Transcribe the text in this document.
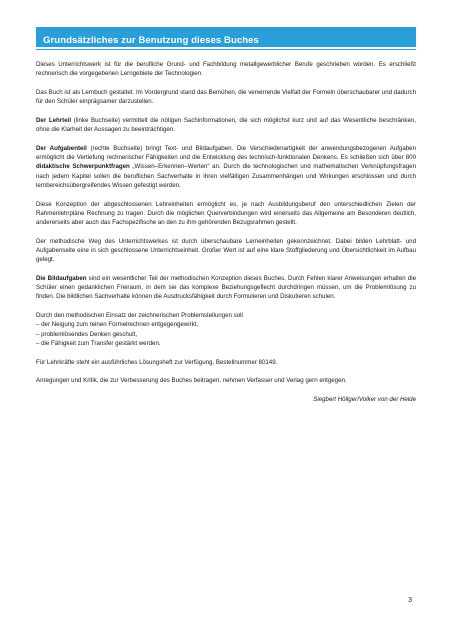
Grundsätzliches zur Benutzung dieses Buches

Dieses Unterrichtswerk ist für die berufliche Grund- und Fachbildung metallgewerblicher Berufe geschrieben worden. Es erschließt rechnerisch die vorgegebenen Lerngebiete der Technologien.

Das Buch ist als Lernbuch gestaltet. Im Vordergrund stand das Bemühen, die verwirrende Vielfalt der Formeln überschaubarer und dadurch für den Schüler einprägsamer darzustellen.

Der Lehrteil (linke Buchseite) vermittelt die nötigen Sachinformationen, die sich möglichst kurz und auf das Wesentliche beschränken, ohne die Klarheit der Aussagen zu beeinträchtigen.

Der Aufgabenteil (rechte Buchseite) bringt Text- und Bildaufgaben. Die Verschiedenartigkeit der anwendungsbezogenen Aufgaben ermöglicht die Vertiefung rechnerischer Fähigkeiten und die Entwicklung des technisch-funktionalen Denkens. Es schließen sich über 800 didaktische Schwerpunktfragen „Wissen–Erkennen–Werten“ an. Durch die technologischen und mathematischen Verknüpfungsfragen nach jedem Kapitel sollen die beruflichen Sachverhalte in ihren vielfältigen Zusammenhängen und Wirkungen erschlossen und durch lernbereichsübergreifendes Wissen gefestigt werden.

Diese Konzeption der abgeschlossenen Lehreinheiten ermöglicht es, je nach Ausbildungsberuf den unterschiedlichen Zielen der Rahmenlehrpläne Rechnung zu tragen. Durch die möglichen Querverbindungen wird einerseits das Allgemeine am Besonderen deutlich, andererseits aber auch das Fachspezifische an den zu ihm gehörenden Bezugsrahmen gestellt.

Der methodische Weg des Unterrichtswerkes ist durch überschaubare Lerneinheiten gekennzeichnet. Dabei bilden Lehrblatt- und Aufgabenseite eine in sich geschlossene Unterrichtseinheit. Großer Wert ist auf eine klare Stoffgliederung und Übersichtlichkeit im Aufbau gelegt.

Die Bildaufgaben sind ein wesentlicher Teil der methodischen Konzeption dieses Buches. Durch Fehlen klarer Anweisungen erhalten die Schüler einen gedanklichen Freiraum, in dem sie das komplexe Beziehungsgeflecht durchdringen müssen, um die Problemlösung zu finden. Die bildlichen Sachverhalte können die Ausdrucksfähigkeit durch Formulieren und Diskutieren schulen.

Durch den methodischen Einsatz der zeichnerischen Problemstellungen soll

– der Neigung zum reinen Formelrechnen entgegengewirkt,
– problemlösendes Denken geschult,
– die Fähigkeit zum Transfer gestärkt werden.

Für Lehrkräfte steht ein ausführliches Lösungsheft zur Verfügung, Bestellnummer 80149.

Anregungen und Kritik, die zur Verbesserung des Buches beitragen, nehmen Verfasser und Verlag gern entgegen.

Siegbert Höllger/Volker von der Heide

3
